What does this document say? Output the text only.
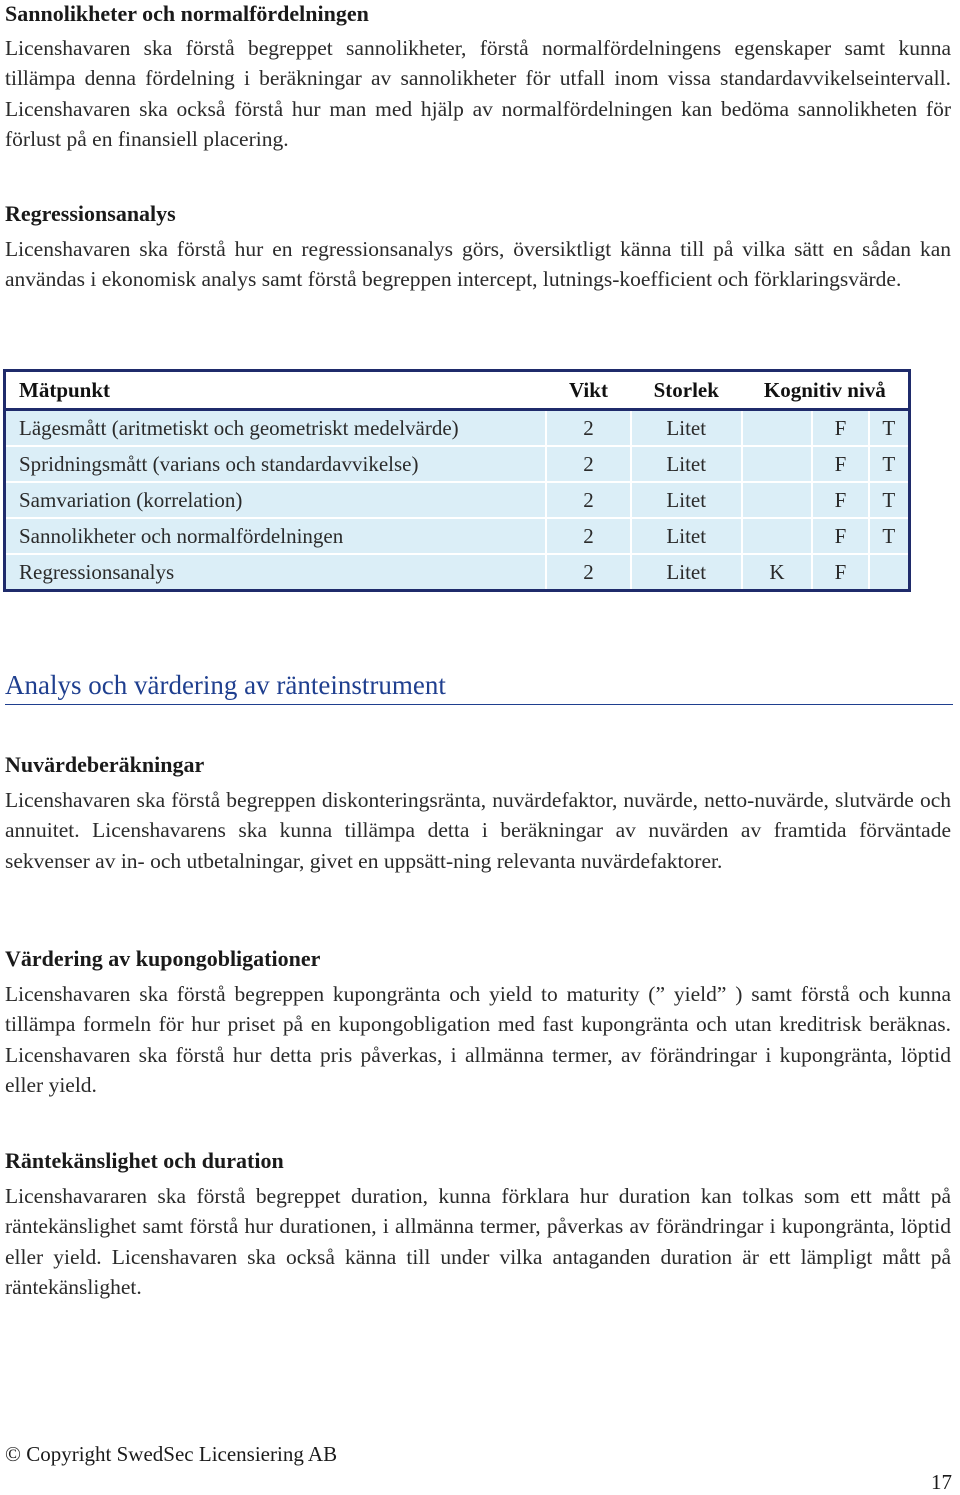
Sannolikheter och normalfördelningen

Licenshavaren ska förstå begreppet sannolikheter, förstå normalfördelningens egenskaper samt kunna tillämpa denna fördelning i beräkningar av sannolikheter för utfall inom vissa standardavvikelseintervall. Licenshavaren ska också förstå hur man med hjälp av normalfördelningen kan bedöma sannolikheten för förlust på en finansiell placering.

Regressionsanalys

Licenshavaren ska förstå hur en regressionsanalys görs, översiktligt känna till på vilka sätt en sådan kan användas i ekonomisk analys samt förstå begreppen intercept, lutnings-koefficient och förklaringsvärde.

Mätpunkt	Vikt	Storlek	Kognitiv nivå		
Lägesmått (aritmetiskt och geometriskt medelvärde)	2	Litet		F	T
Spridningsmått (varians och standardavvikelse)	2	Litet		F	T
Samvariation (korrelation)	2	Litet		F	T
Sannolikheter och normalfördelningen	2	Litet		F	T
Regressionsanalys	2	Litet	K	F	
Analys och värdering av ränteinstrument
Nuvärdeberäkningar

Licenshavaren ska förstå begreppen diskonteringsränta, nuvärdefaktor, nuvärde, netto-nuvärde, slutvärde och annuitet. Licenshavarens ska kunna tillämpa detta i beräkningar av nuvärden av framtida förväntade sekvenser av in- och utbetalningar, givet en uppsätt-ning relevanta nuvärdefaktorer.

Värdering av kupongobligationer

Licenshavaren ska förstå begreppen kupongränta och yield to maturity (” yield” ) samt förstå och kunna tillämpa formeln för hur priset på en kupongobligation med fast kupongränta och utan kreditrisk beräknas. Licenshavaren ska förstå hur detta pris påverkas, i allmänna termer, av förändringar i kupongränta, löptid eller yield.

Räntekänslighet och duration

Licenshavararen ska förstå begreppet duration, kunna förklara hur duration kan tolkas som ett mått på räntekänslighet samt förstå hur durationen, i allmänna termer, påverkas av förändringar i kupongränta, löptid eller yield. Licenshavaren ska också känna till under vilka antaganden duration är ett lämpligt mått på räntekänslighet.

© Copyright SwedSec Licensiering AB
17
